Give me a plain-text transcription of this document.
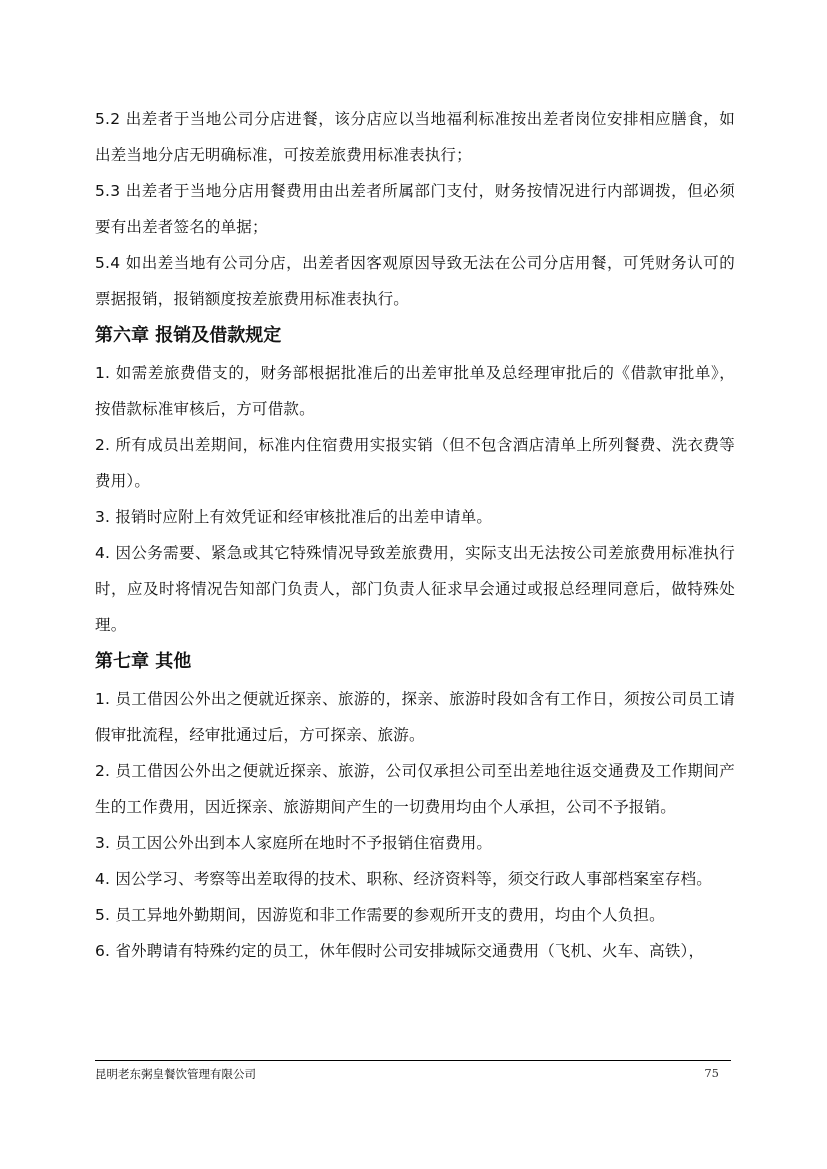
5.2 出差者于当地公司分店进餐，该分店应以当地福利标准按出差者岗位安排相应膳食，如出差当地分店无明确标准，可按差旅费用标准表执行；

5.3 出差者于当地分店用餐费用由出差者所属部门支付，财务按情况进行内部调拨，但必须要有出差者签名的单据；

5.4 如出差当地有公司分店，出差者因客观原因导致无法在公司分店用餐，可凭财务认可的票据报销，报销额度按差旅费用标准表执行。

第六章 报销及借款规定

1. 如需差旅费借支的，财务部根据批准后的出差审批单及总经理审批后的《借款审批单》，按借款标准审核后，方可借款。

2. 所有成员出差期间，标准内住宿费用实报实销（但不包含酒店清单上所列餐费、洗衣费等费用）。

3. 报销时应附上有效凭证和经审核批准后的出差申请单。

4. 因公务需要、紧急或其它特殊情况导致差旅费用，实际支出无法按公司差旅费用标准执行时，应及时将情况告知部门负责人，部门负责人征求早会通过或报总经理同意后，做特殊处理。

第七章 其他

1. 员工借因公外出之便就近探亲、旅游的，探亲、旅游时段如含有工作日，须按公司员工请假审批流程，经审批通过后，方可探亲、旅游。

2. 员工借因公外出之便就近探亲、旅游，公司仅承担公司至出差地往返交通费及工作期间产生的工作费用，因近探亲、旅游期间产生的一切费用均由个人承担，公司不予报销。

3. 员工因公外出到本人家庭所在地时不予报销住宿费用。

4. 因公学习、考察等出差取得的技术、职称、经济资料等，须交行政人事部档案室存档。

5. 员工异地外勤期间，因游览和非工作需要的参观所开支的费用，均由个人负担。

6. 省外聘请有特殊约定的员工，休年假时公司安排城际交通费用（飞机、火车、高铁），

昆明老东粥皇餐饮管理有限公司	75
